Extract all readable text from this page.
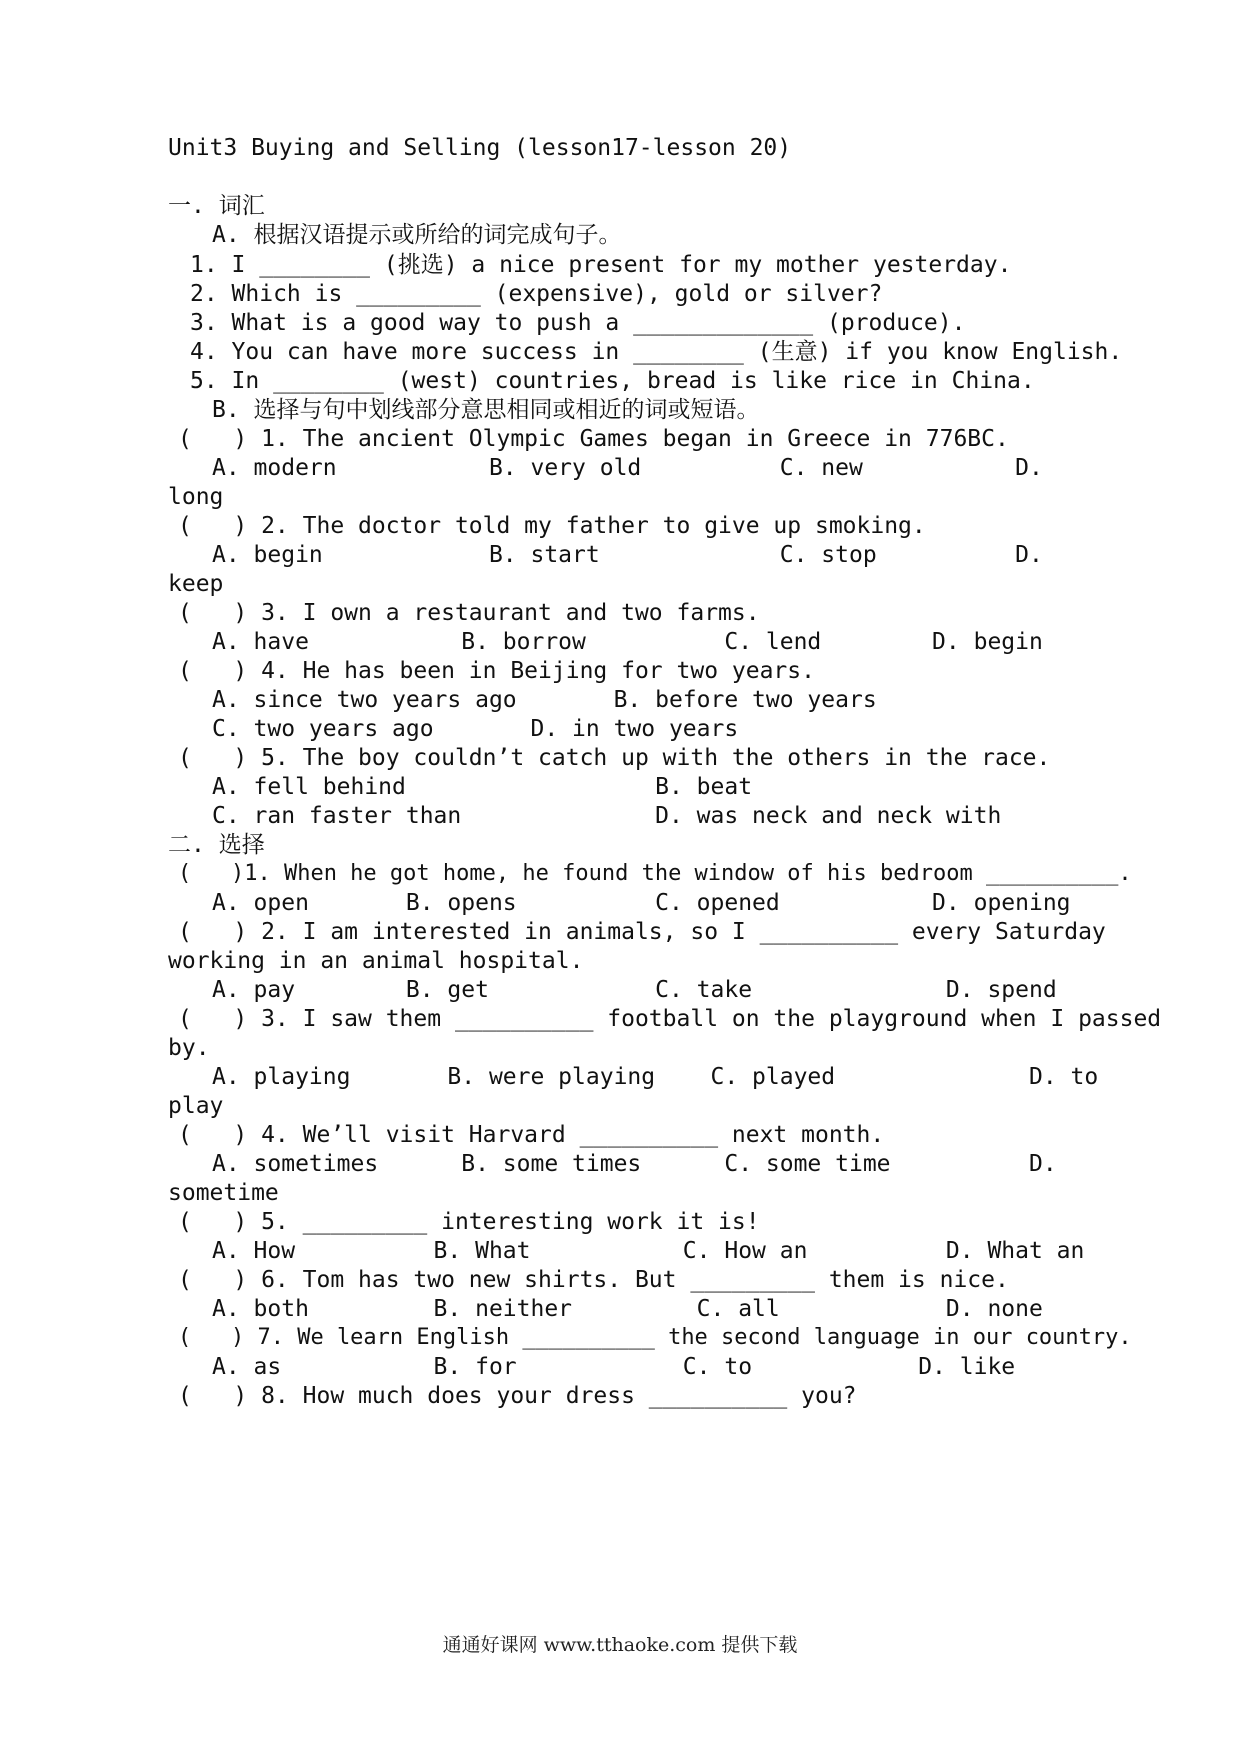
Unit3 Buying and Selling (lesson17-lesson 20)
一. 词汇
A. 根据汉语提示或所给的词完成句子。
1. I ________ (挑选) a nice present for my mother yesterday.
2. Which is _________ (expensive), gold or silver?
3. What is a good way to push a _____________ (produce).
4. You can have more success in ________ (生意) if you know English.
5. In ________ (west) countries, bread is like rice in China.
B. 选择与句中划线部分意思相同或相近的词或短语。
(   ) 1. The ancient Olympic Games began in Greece in 776BC.
A. modern           B. very old          C. new           D.
long
(   ) 2. The doctor told my father to give up smoking.
A. begin            B. start             C. stop          D.
keep
(   ) 3. I own a restaurant and two farms.
A. have           B. borrow          C. lend        D. begin
(   ) 4. He has been in Beijing for two years.
A. since two years ago       B. before two years
C. two years ago       D. in two years
(   ) 5. The boy couldn’t catch up with the others in the race.
A. fell behind                  B. beat
C. ran faster than              D. was neck and neck with
二. 选择
(   )1. When he got home, he found the window of his bedroom __________.
A. open       B. opens          C. opened           D. opening
(   ) 2. I am interested in animals, so I __________ every Saturday
working in an animal hospital.
A. pay        B. get            C. take              D. spend
(   ) 3. I saw them __________ football on the playground when I passed
by.
A. playing       B. were playing    C. played              D. to
play
(   ) 4. We’ll visit Harvard __________ next month.
A. sometimes      B. some times      C. some time          D.
sometime
(   ) 5. _________ interesting work it is!
A. How          B. What           C. How an          D. What an
(   ) 6. Tom has two new shirts. But _________ them is nice.
A. both         B. neither         C. all            D. none
(   ) 7. We learn English __________ the second language in our country.
A. as           B. for            C. to            D. like
(   ) 8. How much does your dress __________ you?
通通好课网 www.tthaoke.com 提供下载
